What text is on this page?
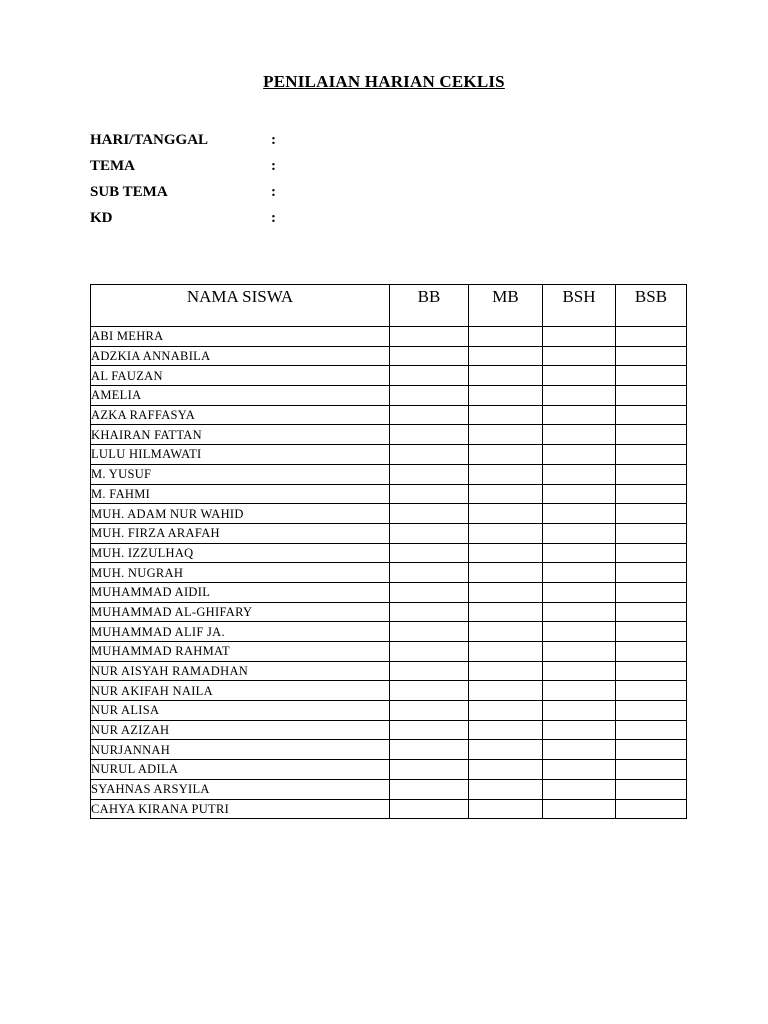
PENILAIAN HARIAN CEKLIS
HARI/TANGGAL	:
TEMA	:
SUB TEMA	:
KD	:
NAMA SISWA	BB	MB	BSH	BSB
ABI MEHRA				
ADZKIA ANNABILA				
AL FAUZAN				
AMELIA				
AZKA RAFFASYA				
KHAIRAN FATTAN				
LULU HILMAWATI				
M. YUSUF				
M. FAHMI				
MUH. ADAM NUR WAHID				
MUH. FIRZA ARAFAH				
MUH. IZZULHAQ				
MUH. NUGRAH				
MUHAMMAD AIDIL				
MUHAMMAD AL-GHIFARY				
MUHAMMAD ALIF JA.				
MUHAMMAD RAHMAT				
NUR AISYAH RAMADHAN				
NUR AKIFAH NAILA				
NUR ALISA				
NUR AZIZAH				
NURJANNAH				
NURUL ADILA				
SYAHNAS ARSYILA				
CAHYA KIRANA PUTRI				
